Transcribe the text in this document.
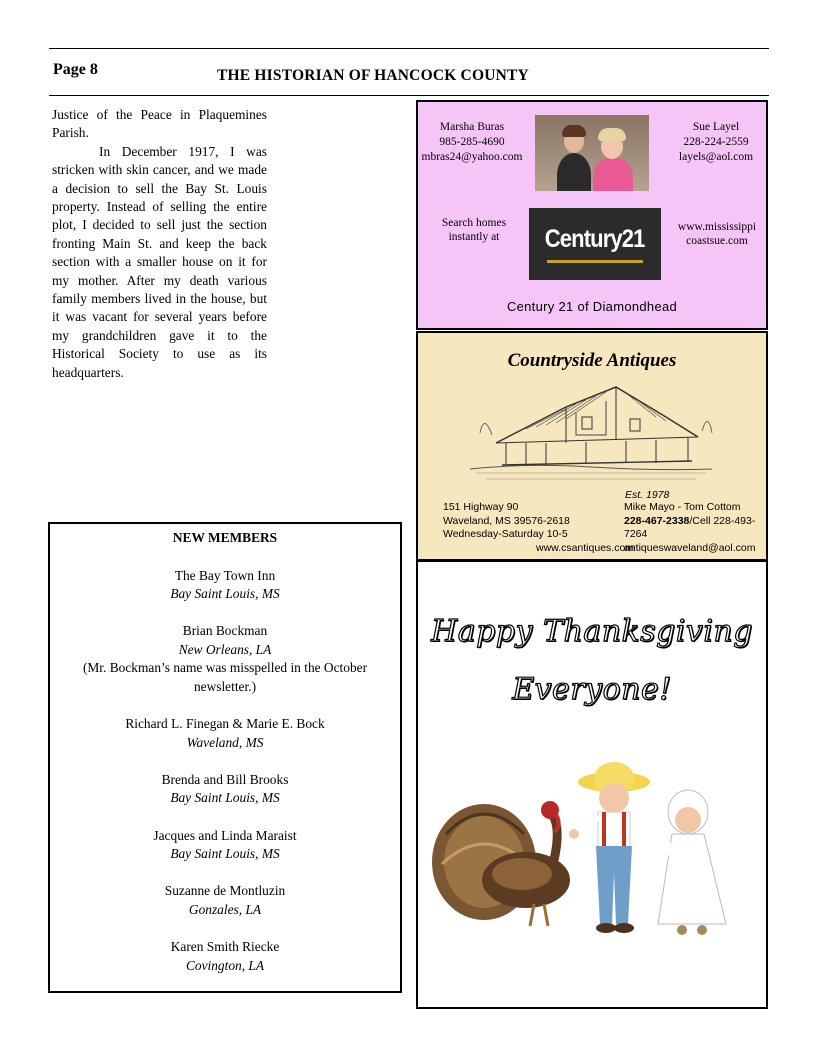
Page 8	THE HISTORIAN OF HANCOCK COUNTY

Justice of the Peace in Plaquemines Parish.

In December 1917, I was stricken with skin cancer, and we made a decision to sell the Bay St. Louis property. Instead of selling the entire plot, I decided to sell just the section fronting Main St. and keep the back section with a smaller house on it for my mother. After my death various family members lived in the house, but it was vacant for several years before my grandchildren gave it to the Historical Society to use as its headquarters.

NEW MEMBERS
The Bay Town Inn
Bay Saint Louis, MS
Brian Bockman
New Orleans, LA
(Mr. Bockman’s name was misspelled in the October newsletter.)
Richard L. Finegan & Marie E. Bock
Waveland, MS
Brenda and Bill Brooks
Bay Saint Louis, MS
Jacques and Linda Maraist
Bay Saint Louis, MS
Suzanne de Montluzin
Gonzales, LA
Karen Smith Riecke
Covington, LA
Marsha Buras
985-285-4690
mbras24@yahoo.com
Sue Layel
228-224-2559
layels@aol.com
Search homes
instantly at	Century21	www.mississippi
coastsue.com
Century 21 of Diamondhead
Countryside Antiques
Est. 1978
151 Highway 90
Waveland, MS 39576-2618
Wednesday-Saturday 10-5
Mike Mayo - Tom Cottom
228-467-2338/Cell 228-493-7264
antiqueswaveland@aol.com
www.csantiques.com
Happy Thanksgiving
Everyone!
